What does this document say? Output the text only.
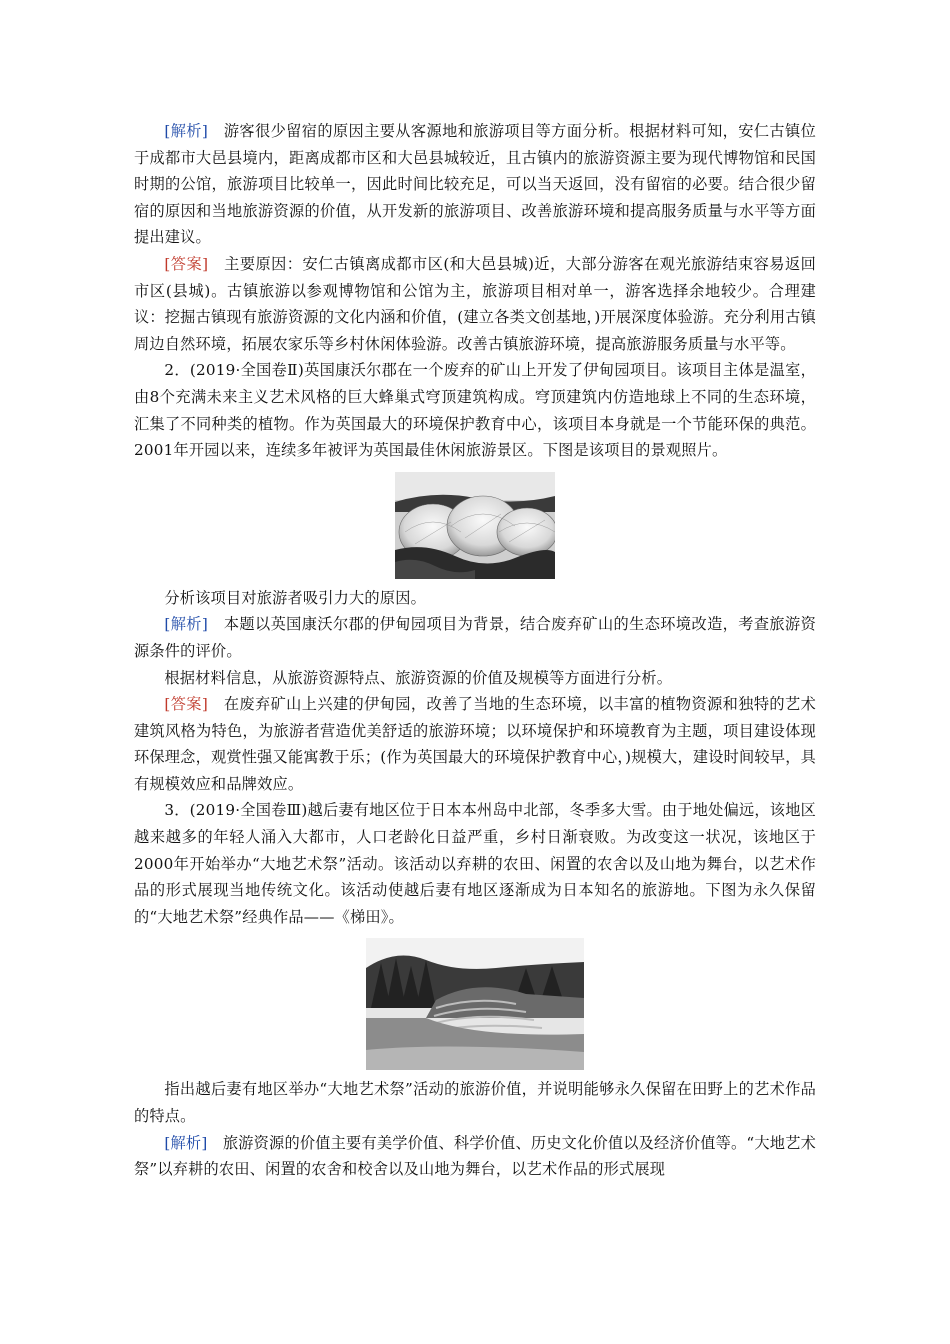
[解析]　游客很少留宿的原因主要从客源地和旅游项目等方面分析。根据材料可知，安仁古镇位于成都市大邑县境内，距离成都市区和大邑县城较近，且古镇内的旅游资源主要为现代博物馆和民国时期的公馆，旅游项目比较单一，因此时间比较充足，可以当天返回，没有留宿的必要。结合很少留宿的原因和当地旅游资源的价值，从开发新的旅游项目、改善旅游环境和提高服务质量与水平等方面提出建议。

[答案]　主要原因：安仁古镇离成都市区(和大邑县城)近，大部分游客在观光旅游结束容易返回市区(县城)。古镇旅游以参观博物馆和公馆为主，旅游项目相对单一，游客选择余地较少。合理建议：挖掘古镇现有旅游资源的文化内涵和价值，(建立各类文创基地，)开展深度体验游。充分利用古镇周边自然环境，拓展农家乐等乡村休闲体验游。改善古镇旅游环境，提高旅游服务质量与水平等。

2．(2019·全国卷Ⅱ)英国康沃尔郡在一个废弃的矿山上开发了伊甸园项目。该项目主体是温室，由8个充满未来主义艺术风格的巨大蜂巢式穹顶建筑构成。穹顶建筑内仿造地球上不同的生态环境，汇集了不同种类的植物。作为英国最大的环境保护教育中心，该项目本身就是一个节能环保的典范。2001年开园以来，连续多年被评为英国最佳休闲旅游景区。下图是该项目的景观照片。

分析该项目对旅游者吸引力大的原因。

[解析]　本题以英国康沃尔郡的伊甸园项目为背景，结合废弃矿山的生态环境改造，考查旅游资源条件的评价。

根据材料信息，从旅游资源特点、旅游资源的价值及规模等方面进行分析。

[答案]　在废弃矿山上兴建的伊甸园，改善了当地的生态环境，以丰富的植物资源和独特的艺术建筑风格为特色，为旅游者营造优美舒适的旅游环境；以环境保护和环境教育为主题，项目建设体现环保理念，观赏性强又能寓教于乐；(作为英国最大的环境保护教育中心，)规模大，建设时间较早，具有规模效应和品牌效应。

3．(2019·全国卷Ⅲ)越后妻有地区位于日本本州岛中北部，冬季多大雪。由于地处偏远，该地区越来越多的年轻人涌入大都市，人口老龄化日益严重，乡村日渐衰败。为改变这一状况，该地区于2000年开始举办“大地艺术祭”活动。该活动以弃耕的农田、闲置的农舍以及山地为舞台，以艺术作品的形式展现当地传统文化。该活动使越后妻有地区逐渐成为日本知名的旅游地。下图为永久保留的“大地艺术祭”经典作品——《梯田》。

指出越后妻有地区举办“大地艺术祭”活动的旅游价值，并说明能够永久保留在田野上的艺术作品的特点。

[解析]　旅游资源的价值主要有美学价值、科学价值、历史文化价值以及经济价值等。“大地艺术祭”以弃耕的农田、闲置的农舍和校舍以及山地为舞台，以艺术作品的形式展现
